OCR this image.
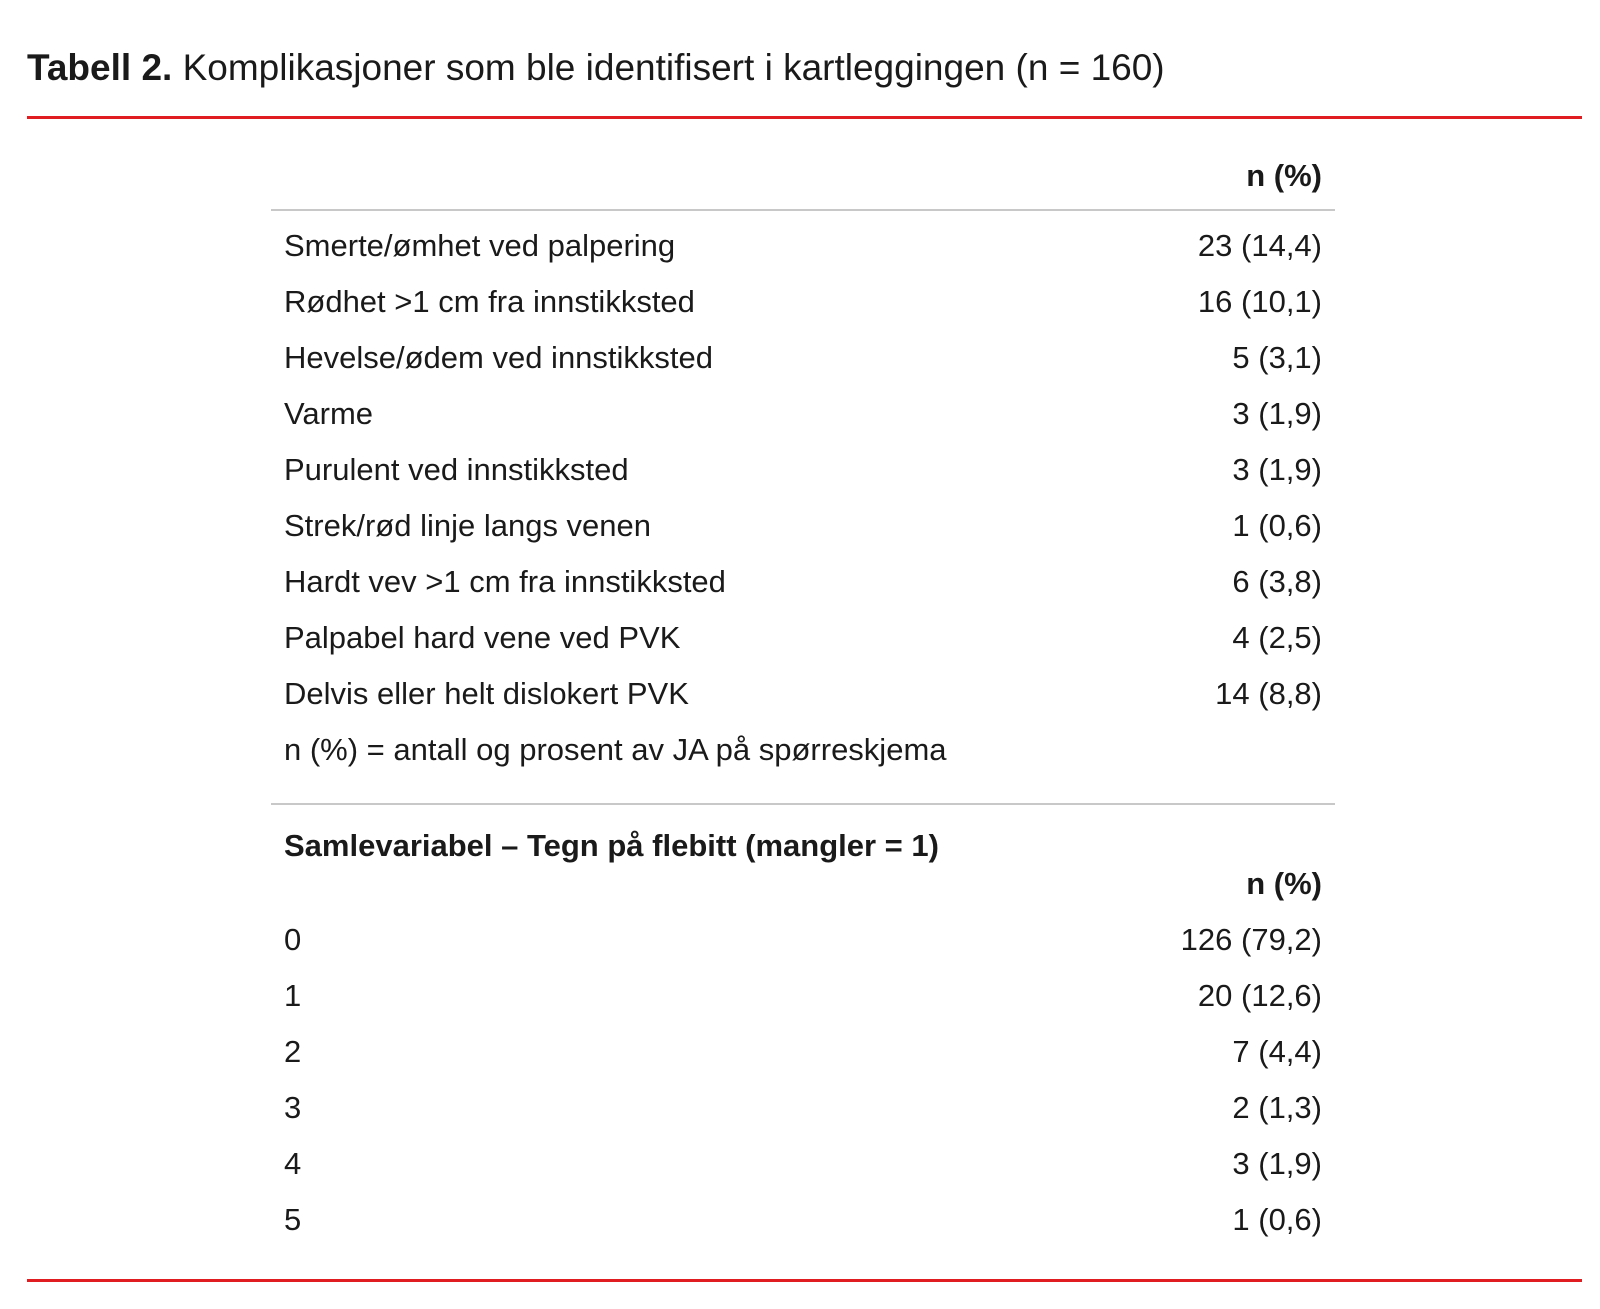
Tabell 2. Komplikasjoner som ble identifisert i kartleggingen (n = 160)
n (%)
Smerte/ømhet ved palpering	23 (14,4)
Rødhet >1 cm fra innstikksted	16 (10,1)
Hevelse/ødem ved innstikksted	5 (3,1)
Varme	3 (1,9)
Purulent ved innstikksted	3 (1,9)
Strek/rød linje langs venen	1 (0,6)
Hardt vev >1 cm fra innstikksted	6 (3,8)
Palpabel hard vene ved PVK	4 (2,5)
Delvis eller helt dislokert PVK	14 (8,8)
n (%) = antall og prosent av JA på spørreskjema
Samlevariabel – Tegn på flebitt (mangler = 1)
n (%)
0	126 (79,2)
1	20 (12,6)
2	7 (4,4)
3	2 (1,3)
4	3 (1,9)
5	1 (0,6)
